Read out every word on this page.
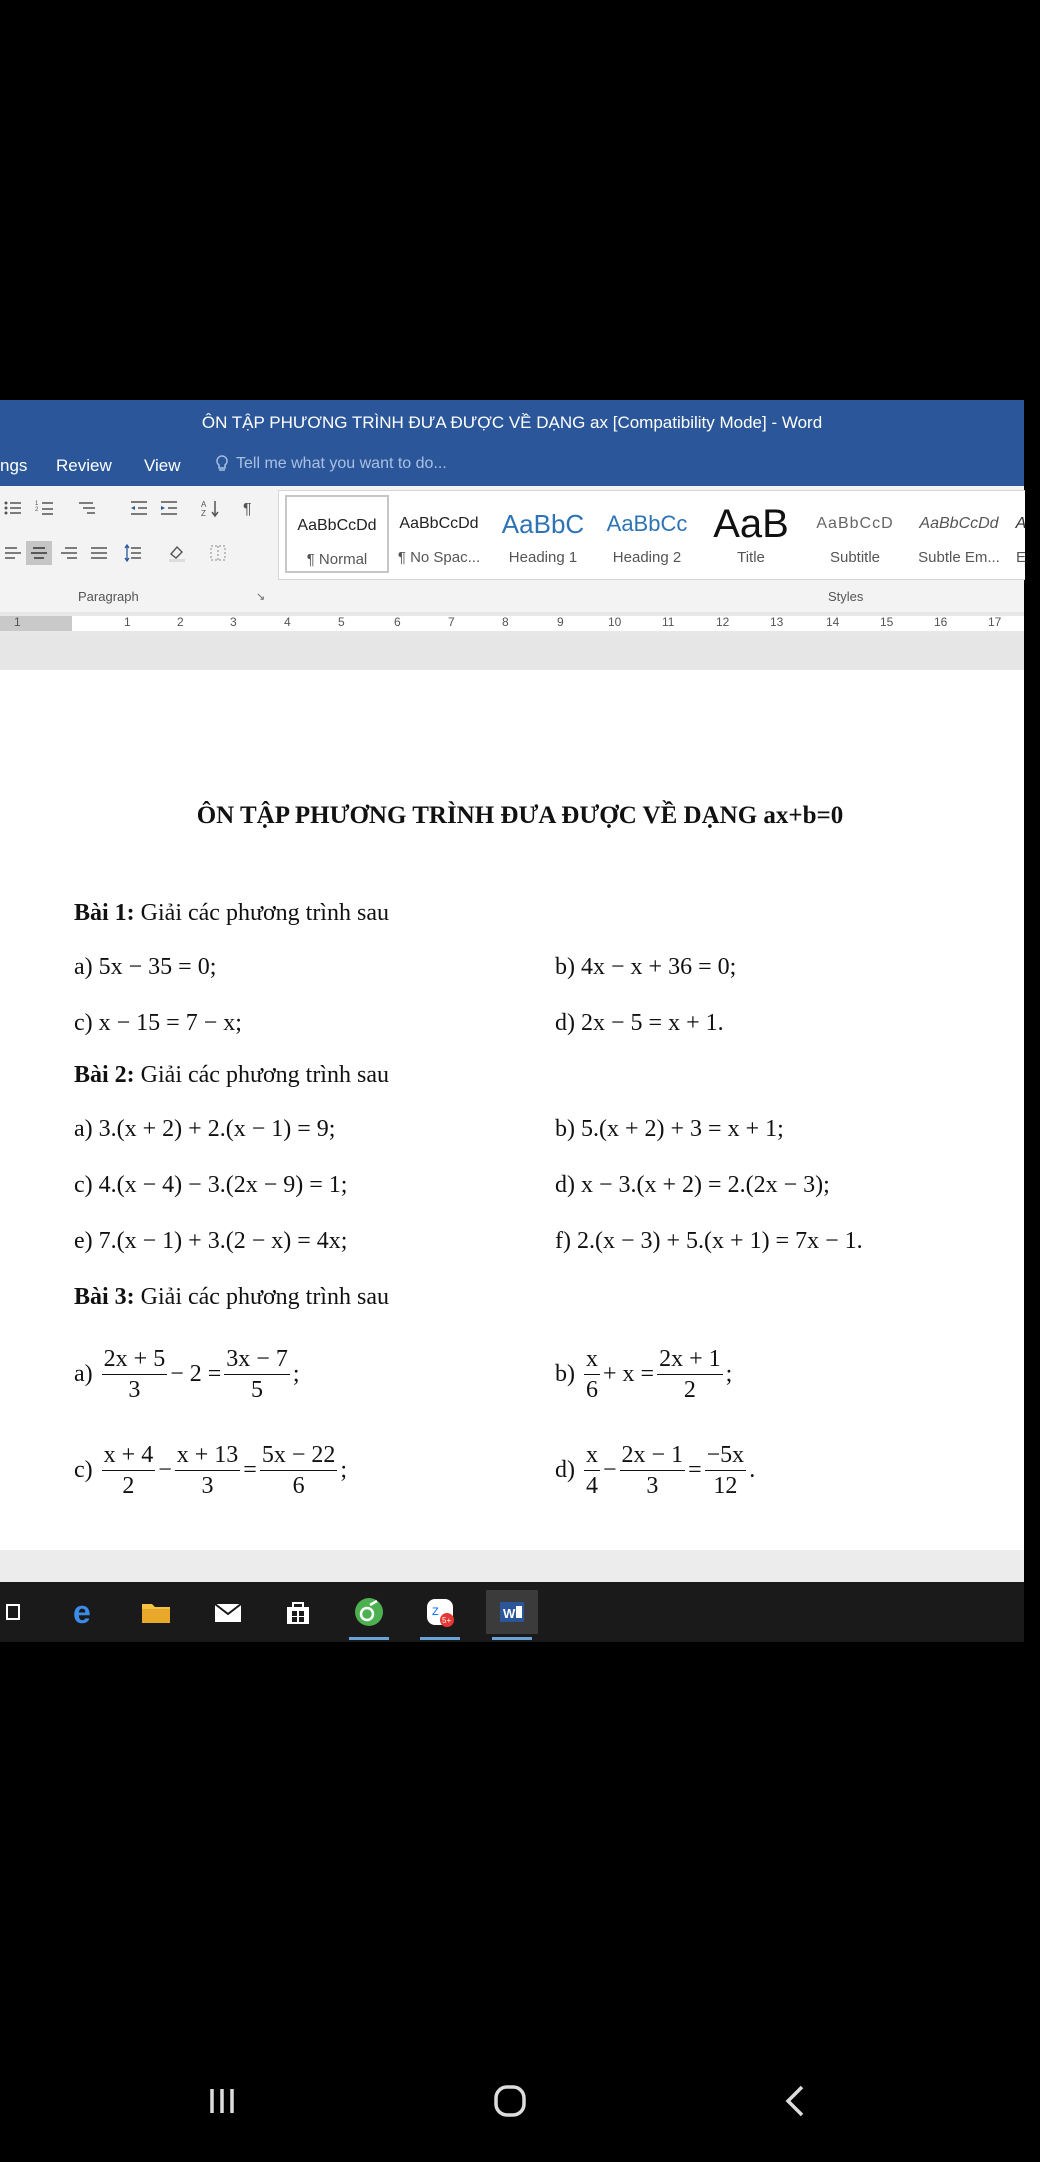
ÔN TẬP PHƯƠNG TRÌNH ĐƯA ĐƯỢC VỀ DẠNG ax [Compatibility Mode] - Word
ngs Review View	Tell me what you want to do...
1
2
A
Z ¶
Paragraph	↘
AaBbCcDd
¶ Normal
AaBbCcDd
¶ No Spac...
AaBbC
Heading 1
AaBbCc
Heading 2
AaB
Title
AaBbCcD
Subtitle
AaBbCcDd
Subtle Em...
A
E
Styles
1	1	2	3	4	5	6	7	8	9	10	11	12	13	14	15	16	17
ÔN TẬP PHƯƠNG TRÌNH ĐƯA ĐƯỢC VỀ DẠNG ax+b=0
Bài 1: Giải các phương trình sau
a) 5x − 35 = 0;	b) 4x − x + 36 = 0;
c) x − 15 = 7 − x;	d) 2x − 5 = x + 1.
Bài 2: Giải các phương trình sau
a) 3.(x + 2) + 2.(x − 1) = 9;	b) 5.(x + 2) + 3 = x + 1;
c) 4.(x − 4) − 3.(2x − 9) = 1;	d) x − 3.(x + 2) = 2.(2x − 3);
e) 7.(x − 1) + 3.(2 − x) = 4x;	f) 2.(x − 3) + 5.(x + 1) = 7x − 1.
Bài 3: Giải các phương trình sau
$a) \frac{2x + 5}{3} - 2 = \frac{3x - 7}{5}$ ;	$b) \frac{x}{6} + x = \frac{2x + 1}{2}$ ;
$c) \frac{x + 4}{2} - \frac{x + 13}{3} = \frac{5x - 22}{6}$ ;	$d) \frac{x}{4} - \frac{2x - 1}{3} = \frac{-5x}{12}$ .
e	Z
5+	W
